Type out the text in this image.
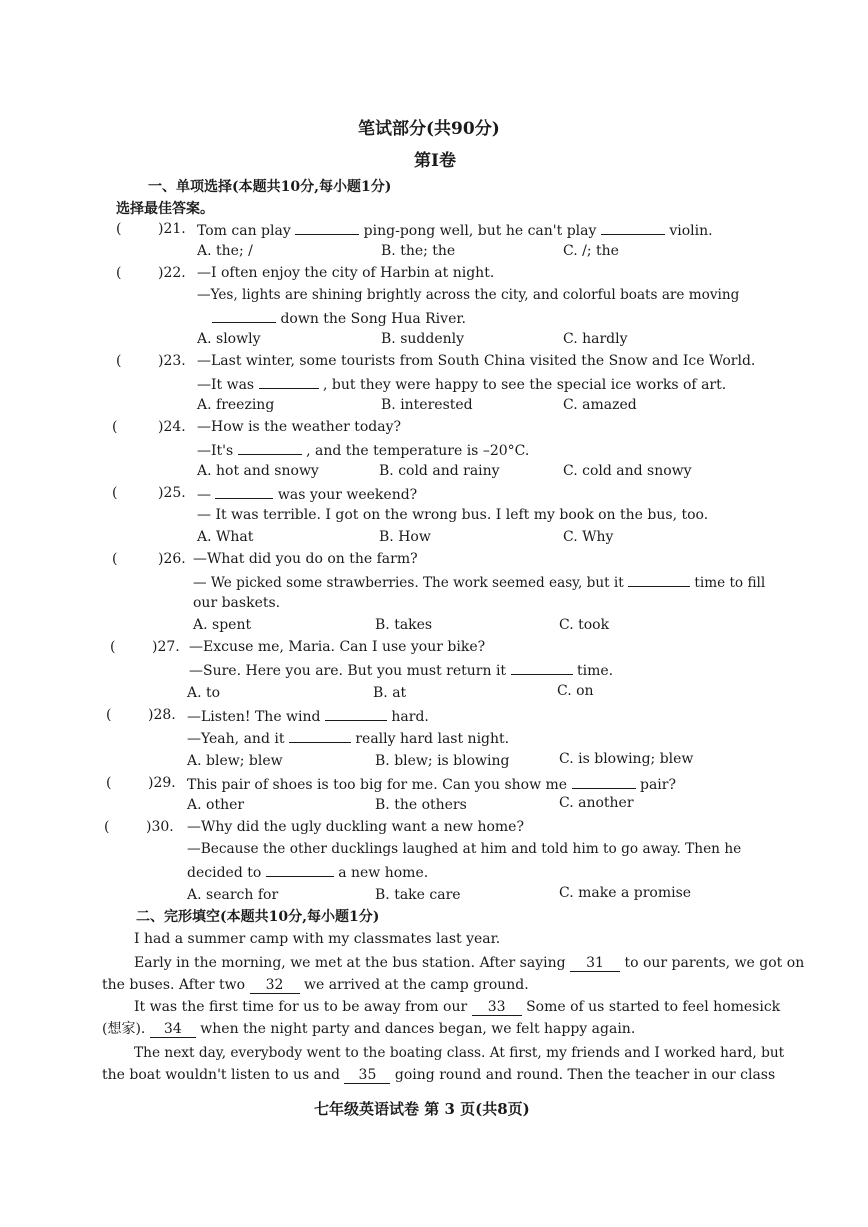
笔试部分(共90分)
第Ⅰ卷
一、单项选择(本题共10分,每小题1分)
选择最佳答案。
(	)21. Tom can play	ping-pong well, but he can't play	violin.
A. the; /	B. the; the	C. /; the
(	)22. —I often enjoy the city of Harbin at night.
—Yes, lights are shining brightly across the city, and colorful boats are moving
down the Song Hua River.
A. slowly	B. suddenly	C. hardly
(	)23. —Last winter, some tourists from South China visited the Snow and Ice World.
—It was	, but they were happy to see the special ice works of art.
A. freezing	B. interested	C. amazed
(	)24. —How is the weather today?
—It's	, and the temperature is –20°C.
A. hot and snowy	B. cold and rainy	C. cold and snowy
(	)25. —	was your weekend?
— It was terrible. I got on the wrong bus. I left my book on the bus, too.
A. What	B. How	C. Why
(	)26. —What did you do on the farm?
— We picked some strawberries. The work seemed easy, but it	time to fill
our baskets.
A. spent	B. takes	C. took
(	)27. —Excuse me, Maria. Can I use your bike?
—Sure. Here you are. But you must return it	time.
A. to	B. at	C. on
(	)28. —Listen! The wind	hard.
—Yeah, and it	really hard last night.
A. blew; blew	B. blew; is blowing	C. is blowing; blew
(	)29. This pair of shoes is too big for me. Can you show me	pair?
A. other	B. the others	C. another
(	)30. —Why did the ugly duckling want a new home?
—Because the other ducklings laughed at him and told him to go away. Then he
decided to	a new home.
A. search for	B. take care	C. make a promise
二、完形填空(本题共10分,每小题1分)
I had a summer camp with my classmates last year.
Early in the morning, we met at the bus station. After saying 31 to our parents, we got on
the buses. After two 32 we arrived at the camp ground.
It was the first time for us to be away from our 33 Some of us started to feel homesick
(想家). 34 when the night party and dances began, we felt happy again.
The next day, everybody went to the boating class. At first, my friends and I worked hard, but
the boat wouldn't listen to us and 35 going round and round. Then the teacher in our class
七年级英语试卷 第 3 页(共8页)
